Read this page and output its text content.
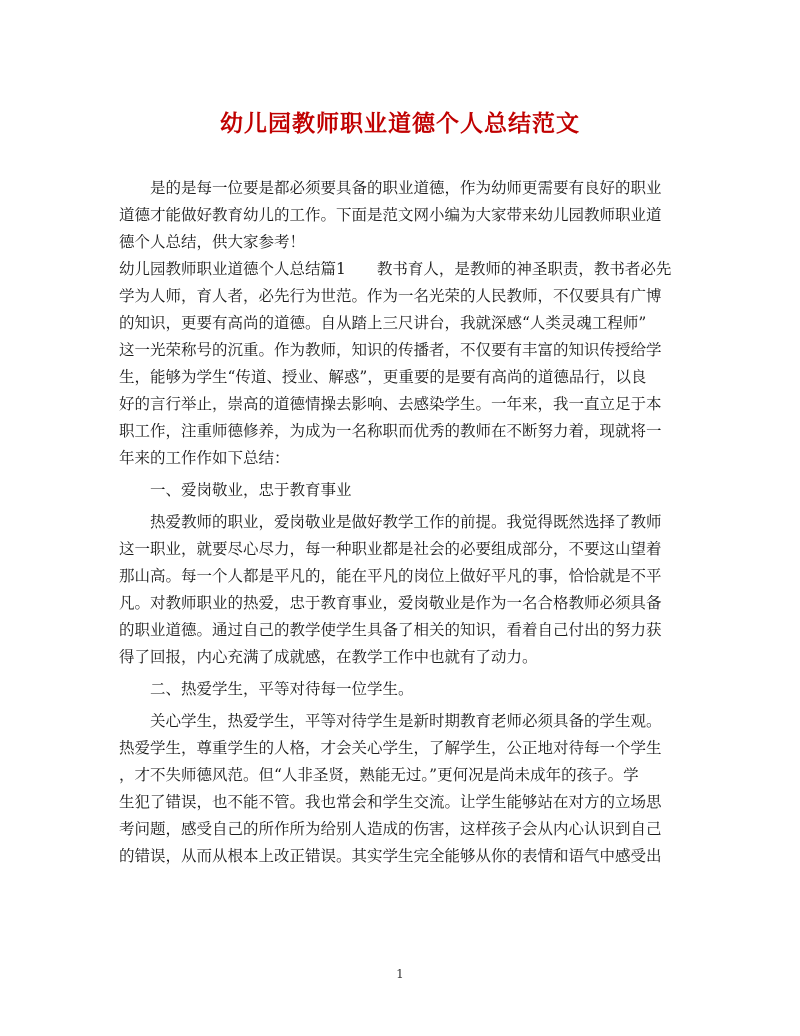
幼儿园教师职业道德个人总结范文
　　是的是每一位要是都必须要具备的职业道德，作为幼师更需要有良好的职业
道德才能做好教育幼儿的工作。下面是范文网小编为大家带来幼儿园教师职业道
德个人总结，供大家参考！
幼儿园教师职业道德个人总结篇1　　教书育人，是教师的神圣职责，教书者必先
学为人师，育人者，必先行为世范。作为一名光荣的人民教师，不仅要具有广博
的知识，更要有高尚的道德。自从踏上三尺讲台，我就深感“人类灵魂工程师”
这一光荣称号的沉重。作为教师，知识的传播者，不仅要有丰富的知识传授给学
生，能够为学生“传道、授业、解惑”，更重要的是要有高尚的道德品行，以良
好的言行举止，崇高的道德情操去影响、去感染学生。一年来，我一直立足于本
职工作，注重师德修养，为成为一名称职而优秀的教师在不断努力着，现就将一
年来的工作作如下总结：
　　一、爱岗敬业，忠于教育事业
　　热爱教师的职业，爱岗敬业是做好教学工作的前提。我觉得既然选择了教师
这一职业，就要尽心尽力，每一种职业都是社会的必要组成部分，不要这山望着
那山高。每一个人都是平凡的，能在平凡的岗位上做好平凡的事，恰恰就是不平
凡。对教师职业的热爱，忠于教育事业，爱岗敬业是作为一名合格教师必须具备
的职业道德。通过自己的教学使学生具备了相关的知识，看着自己付出的努力获
得了回报，内心充满了成就感，在教学工作中也就有了动力。
　　二、热爱学生，平等对待每一位学生。
　　关心学生，热爱学生，平等对待学生是新时期教育老师必须具备的学生观。
热爱学生，尊重学生的人格，才会关心学生，了解学生，公正地对待每一个学生
，才不失师德风范。但“人非圣贤，熟能无过。”更何况是尚未成年的孩子。学
生犯了错误，也不能不管。我也常会和学生交流。让学生能够站在对方的立场思
考问题，感受自己的所作所为给别人造成的伤害，这样孩子会从内心认识到自己
的错误，从而从根本上改正错误。其实学生完全能够从你的表情和语气中感受出
1
